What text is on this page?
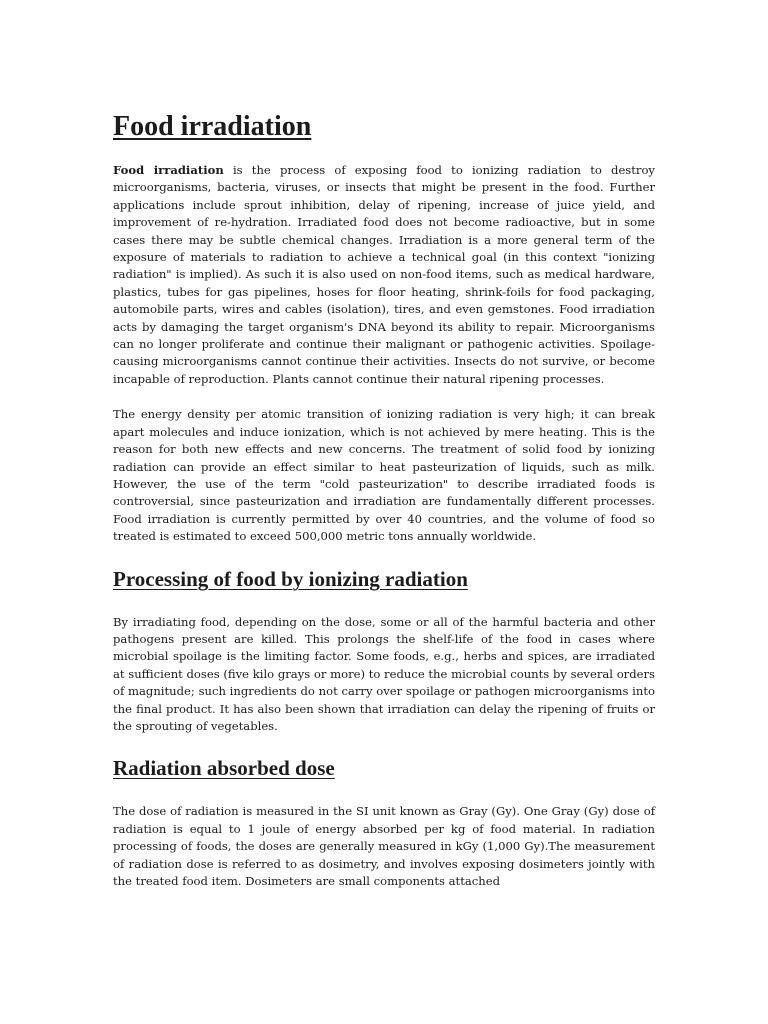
Food irradiation

Food irradiation is the process of exposing food to ionizing radiation to destroy microorganisms, bacteria, viruses, or insects that might be present in the food. Further applications include sprout inhibition, delay of ripening, increase of juice yield, and improvement of re-hydration. Irradiated food does not become radioactive, but in some cases there may be subtle chemical changes. Irradiation is a more general term of the exposure of materials to radiation to achieve a technical goal (in this context "ionizing radiation" is implied). As such it is also used on non-food items, such as medical hardware, plastics, tubes for gas pipelines, hoses for floor heating, shrink-foils for food packaging, automobile parts, wires and cables (isolation), tires, and even gemstones. Food irradiation acts by damaging the target organism's DNA beyond its ability to repair. Microorganisms can no longer proliferate and continue their malignant or pathogenic activities. Spoilage-causing microorganisms cannot continue their activities. Insects do not survive, or become incapable of reproduction. Plants cannot continue their natural ripening processes.

The energy density per atomic transition of ionizing radiation is very high; it can break apart molecules and induce ionization, which is not achieved by mere heating. This is the reason for both new effects and new concerns. The treatment of solid food by ionizing radiation can provide an effect similar to heat pasteurization of liquids, such as milk. However, the use of the term "cold pasteurization" to describe irradiated foods is controversial, since pasteurization and irradiation are fundamentally different processes. Food irradiation is currently permitted by over 40 countries, and the volume of food so treated is estimated to exceed 500,000 metric tons annually worldwide.

Processing of food by ionizing radiation

By irradiating food, depending on the dose, some or all of the harmful bacteria and other pathogens present are killed. This prolongs the shelf-life of the food in cases where microbial spoilage is the limiting factor. Some foods, e.g., herbs and spices, are irradiated at sufficient doses (five kilo grays or more) to reduce the microbial counts by several orders of magnitude; such ingredients do not carry over spoilage or pathogen microorganisms into the final product. It has also been shown that irradiation can delay the ripening of fruits or the sprouting of vegetables.

Radiation absorbed dose

The dose of radiation is measured in the SI unit known as Gray (Gy). One Gray (Gy) dose of radiation is equal to 1 joule of energy absorbed per kg of food material. In radiation processing of foods, the doses are generally measured in kGy (1,000 Gy).The measurement of radiation dose is referred to as dosimetry, and involves exposing dosimeters jointly with the treated food item. Dosimeters are small components attached
